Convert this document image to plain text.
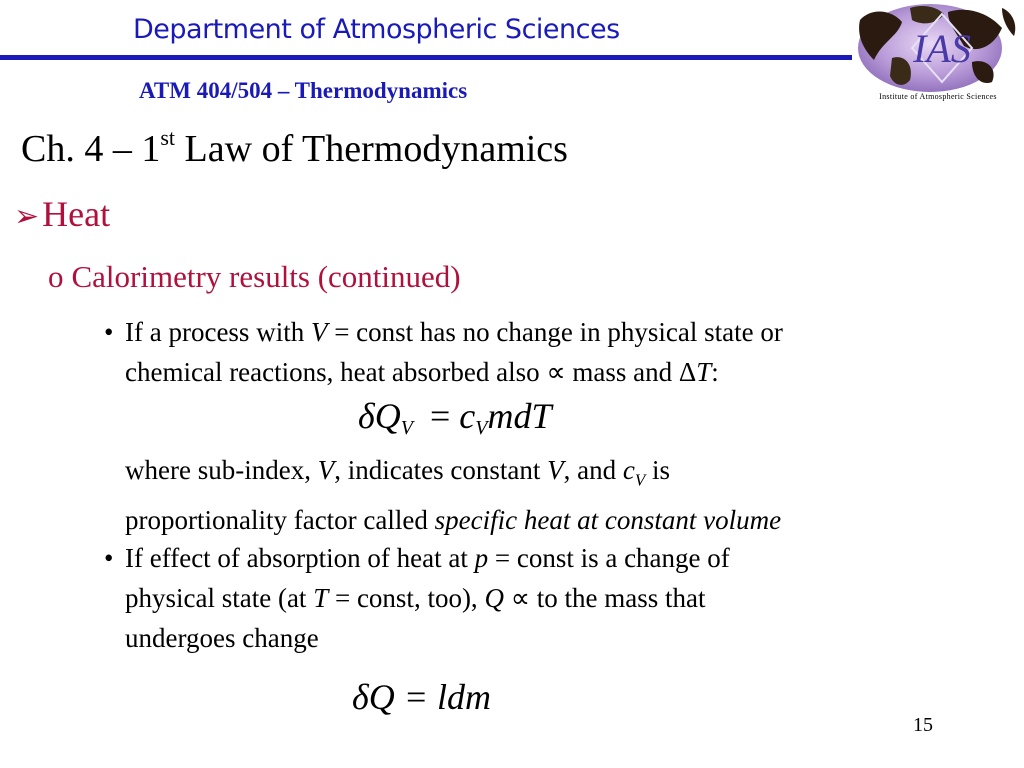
Department of Atmospheric Sciences
ATM 404/504 – Thermodynamics
IAS
Institute of Atmospheric Sciences
Ch. 4 – 1st Law of Thermodynamics
➢Heat
o Calorimetry results (continued)
• If a process with V = const has no change in physical state or
chemical reactions, heat absorbed also ∝ mass and ΔT:
$\delta Q_V = c_VmdT$
where sub-index, V, indicates constant V, and $c_V$ is
proportionality factor called specific heat at constant volume
• If effect of absorption of heat at p = const is a change of
physical state (at T = const, too), Q ∝ to the mass that
undergoes change
δQ = ldm
15
